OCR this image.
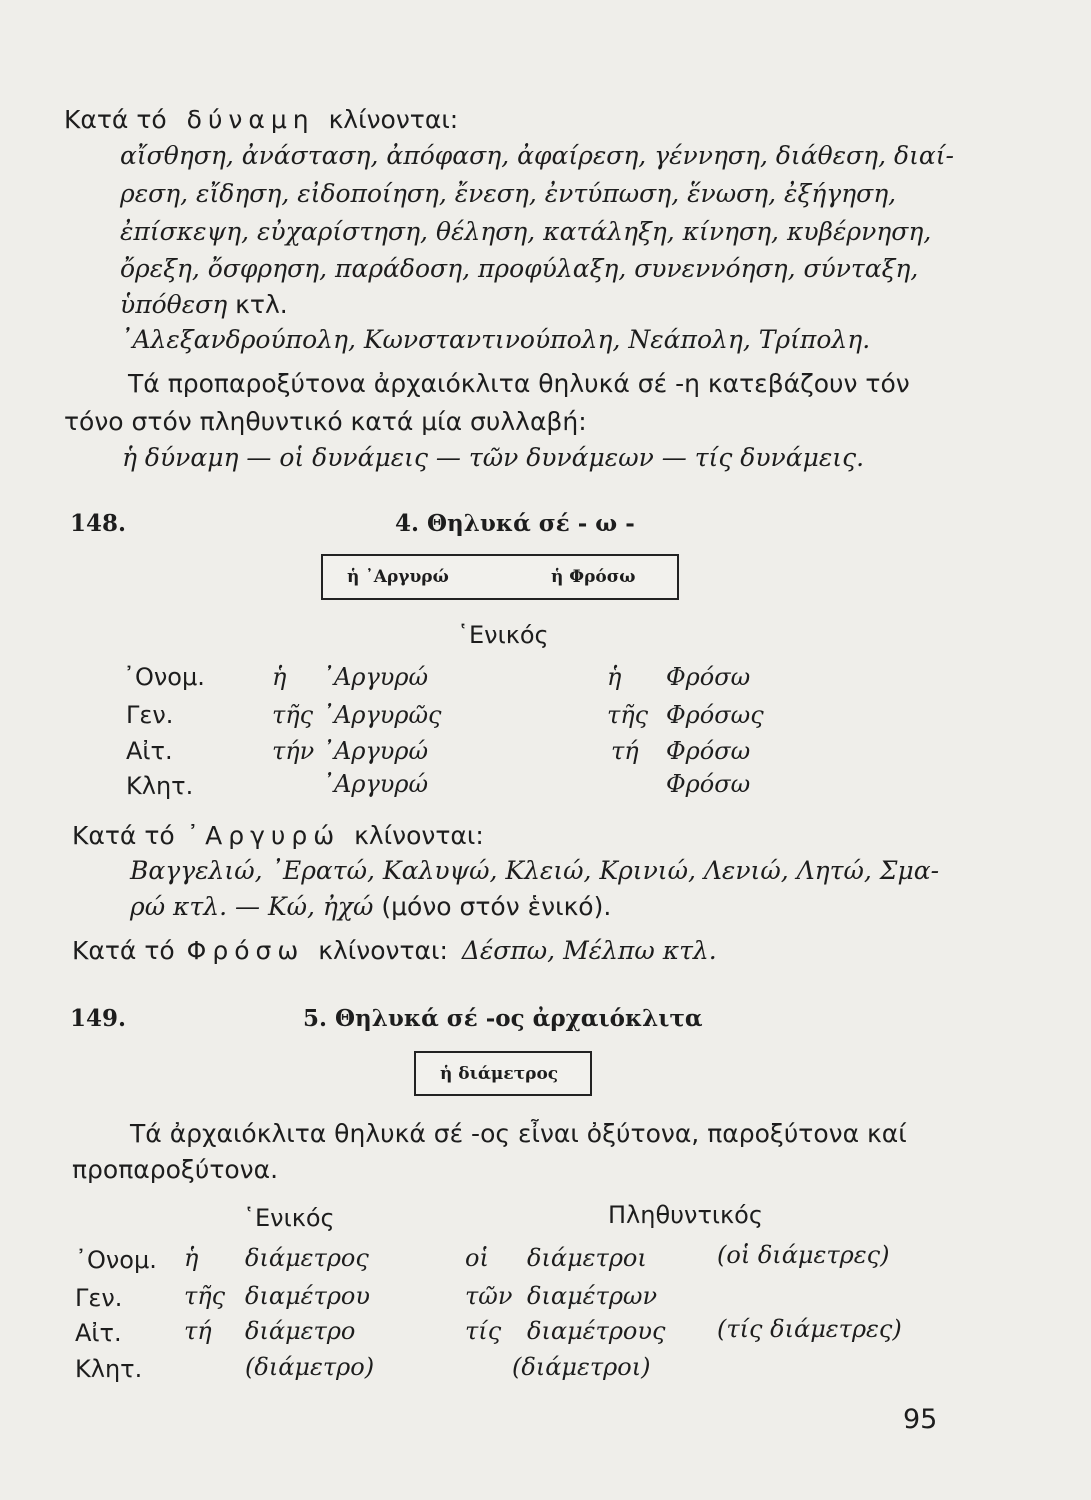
Κατά τό δύναμη κλίνονται:
αἴσθηση, ἀνάσταση, ἀπόφαση, ἀφαίρεση, γέννηση, διάθεση, διαί-
ρεση, εἴδηση, εἰδοποίηση, ἔνεση, ἐντύπωση, ἕνωση, ἐξήγηση,
ἐπίσκεψη, εὐχαρίστηση, θέληση, κατάληξη, κίνηση, κυβέρνηση,
ὄρεξη, ὄσφρηση, παράδοση, προφύλαξη, συνεννόηση, σύνταξη,
ὑπόθεση κτλ.
᾿Αλεξανδρούπολη, Κωνσταντινούπολη, Νεάπολη, Τρίπολη.
Τά προπαροξύτονα ἀρχαιόκλιτα θηλυκά σέ -η κατεβάζουν τόν
τόνο στόν πληθυντικό κατά μία συλλαβή:
ἡ δύναμη — οἱ δυνάμεις — τῶν δυνάμεων — τίς δυνάμεις.
148.	4. Θηλυκά σέ - ω -
ἡ ᾿Αργυρώ	ἡ Φρόσω
῾Ενικός
᾿Ονομ.	ἡ ᾿Αργυρώ	ἡ Φρόσω
Γεν.	τῆς ᾿Αργυρῶς	τῆς Φρόσως
Αἰτ.	τήν ᾿Αργυρώ	τή Φρόσω
Κλητ.	᾿Αργυρώ	Φρόσω
Κατά τό ᾿Αργυρώ κλίνονται:
Βαγγελιώ, ᾿Ερατώ, Καλυψώ, Κλειώ, Κρινιώ, Λενιώ, Λητώ, Σμα-
ρώ κτλ. — Κώ, ἠχώ (μόνο στόν ἑνικό).
Κατά τό Φρόσω κλίνονται: Δέσπω, Μέλπω κτλ.
149.	5. Θηλυκά σέ -ος ἀρχαιόκλιτα
ἡ διάμετρος
Τά ἀρχαιόκλιτα θηλυκά σέ -ος εἶναι ὀξύτονα, παροξύτονα καί
προπαροξύτονα.
῾Ενικός	Πληθυντικός
᾿Ονομ. ἡ διάμετρος	οἱ διάμετροι	(οἱ διάμετρες)
Γεν.	τῆς διαμέτρου	τῶν διαμέτρων
Αἰτ.	τή διάμετρο	τίς διαμέτρους (τίς διάμετρες)
Κλητ.	(διάμετρο)	(διάμετροι)
95
